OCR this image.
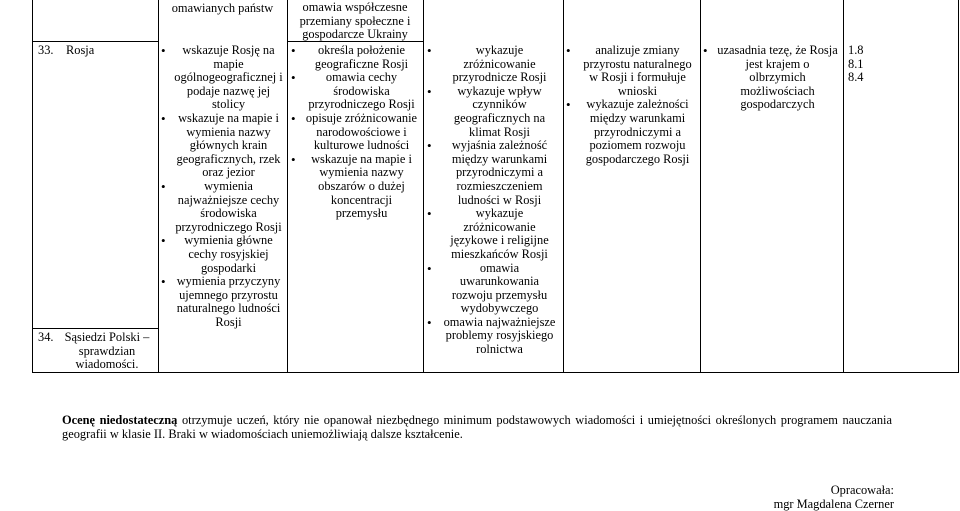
omawianych państw	omawia współczesne przemiany społeczne i gospodarcze Ukrainy
33. Rosja
•	wskazuje Rosję na mapie ogólnogeograficznej i podaje nazwę jej stolicy
• wskazuje na mapie i wymienia nazwy głównych krain geograficznych, rzek oraz jezior
• wymienia najważniejsze cechy środowiska przyrodniczego Rosji
• wymienia główne cechy rosyjskiej gospodarki
• wymienia przyczyny ujemnego przyrostu naturalnego ludności Rosji
• określa położenie geograficzne Rosji
• omawia cechy środowiska przyrodniczego Rosji
• opisuje zróżnicowanie narodowościowe i kulturowe ludności
• wskazuje na mapie i wymienia nazwy obszarów o dużej koncentracji przemysłu
• wykazuje zróżnicowanie przyrodnicze Rosji
• wykazuje wpływ czynników geograficznych na klimat Rosji
• wyjaśnia zależność między warunkami przyrodniczymi a rozmieszczeniem ludności w Rosji
• wykazuje zróżnicowanie językowe i religijne mieszkańców Rosji
• omawia uwarunkowania rozwoju przemysłu wydobywczego
• omawia najważniejsze problemy rosyjskiego rolnictwa
• analizuje zmiany przyrostu naturalnego w Rosji i formułuje wnioski
• wykazuje zależności między warunkami przyrodniczymi a poziomem rozwoju gospodarczego Rosji
• uzasadnia tezę, że Rosja jest krajem o olbrzymich możliwościach gospodarczych
1.8
8.1
8.4
34. Sąsiedzi Polski – sprawdzian wiadomości.
Ocenę niedostateczną otrzymuje uczeń, który nie opanował niezbędnego minimum podstawowych wiadomości i umiejętności określonych programem nauczania geografii w klasie II. Braki w wiadomościach uniemożliwiają dalsze kształcenie.
Opracowała:
mgr Magdalena Czerner
